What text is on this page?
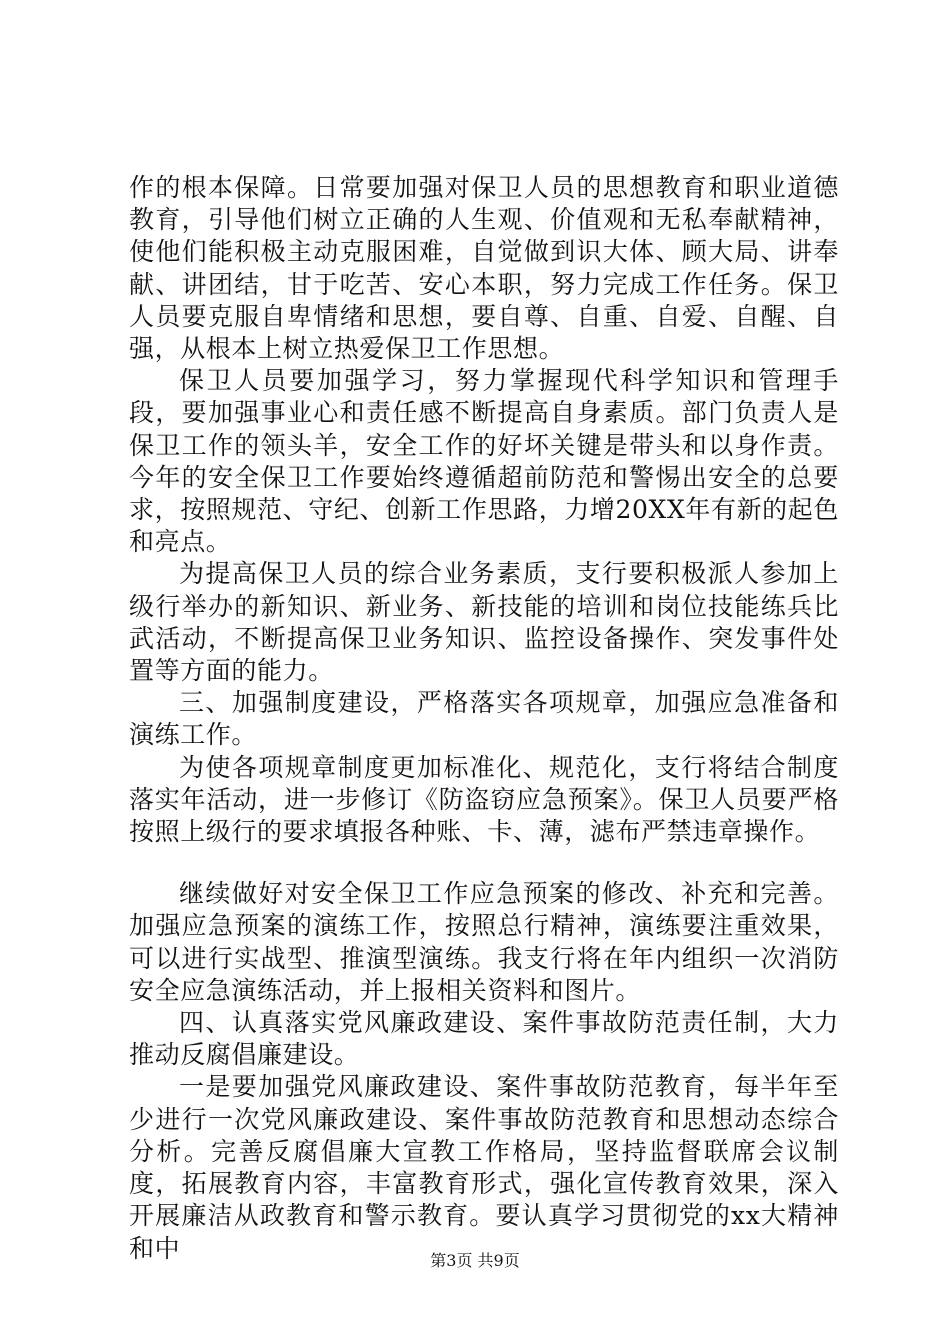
作的根本保障。日常要加强对保卫人员的思想教育和职业道德教育，引导他们树立正确的人生观、价值观和无私奉献精神，使他们能积极主动克服困难，自觉做到识大体、顾大局、讲奉献、讲团结，甘于吃苦、安心本职，努力完成工作任务。保卫人员要克服自卑情绪和思想，要自尊、自重、自爱、自醒、自强，从根本上树立热爱保卫工作思想。

保卫人员要加强学习，努力掌握现代科学知识和管理手段，要加强事业心和责任感不断提高自身素质。部门负责人是保卫工作的领头羊，安全工作的好坏关键是带头和以身作责。今年的安全保卫工作要始终遵循超前防范和警惕出安全的总要求，按照规范、守纪、创新工作思路，力增20XX年有新的起色和亮点。

为提高保卫人员的综合业务素质，支行要积极派人参加上级行举办的新知识、新业务、新技能的培训和岗位技能练兵比武活动，不断提高保卫业务知识、监控设备操作、突发事件处置等方面的能力。

三、加强制度建设，严格落实各项规章，加强应急准备和演练工作。

为使各项规章制度更加标准化、规范化，支行将结合制度落实年活动，进一步修订《防盗窃应急预案》。保卫人员要严格按照上级行的要求填报各种账、卡、薄，滤布严禁违章操作。

继续做好对安全保卫工作应急预案的修改、补充和完善。加强应急预案的演练工作，按照总行精神，演练要注重效果，可以进行实战型、推演型演练。我支行将在年内组织一次消防安全应急演练活动，并上报相关资料和图片。

四、认真落实党风廉政建设、案件事故防范责任制，大力推动反腐倡廉建设。

一是要加强党风廉政建设、案件事故防范教育，每半年至少进行一次党风廉政建设、案件事故防范教育和思想动态综合分析。完善反腐倡廉大宣教工作格局，坚持监督联席会议制度，拓展教育内容，丰富教育形式，强化宣传教育效果，深入开展廉洁从政教育和警示教育。要认真学习贯彻党的xx大精神和中	第3页 共9页
